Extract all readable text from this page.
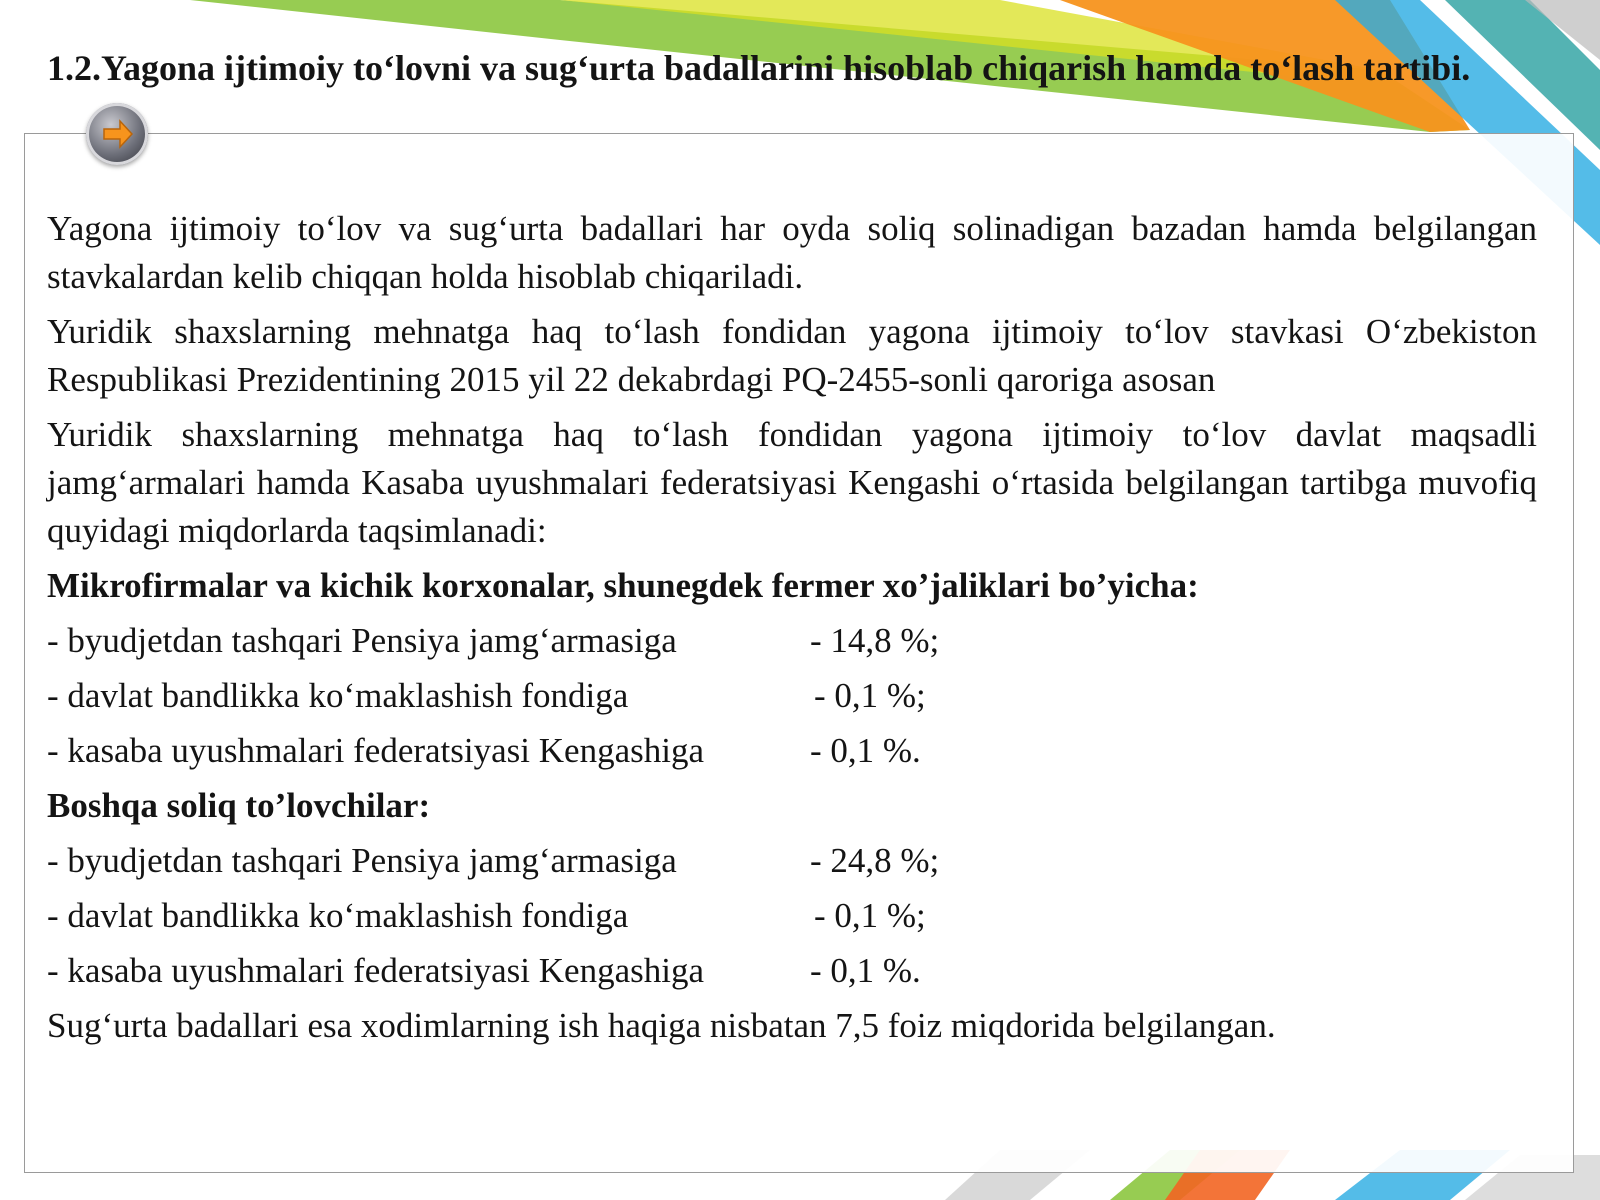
1.2.Yagona ijtimoiy to‘lovni va sug‘urta badallarini hisoblab chiqarish hamda to‘lash tartibi.

Yagona ijtimoiy to‘lov va sug‘urta badallari har oyda soliq solinadigan bazadan hamda belgilangan stavkalardan kelib chiqqan holda hisoblab chiqariladi.

Yuridik shaxslarning mehnatga haq to‘lash fondidan yagona ijtimoiy to‘lov stavkasi O‘zbekiston Respublikasi Prezidentining 2015 yil 22 dekabrdagi PQ-2455-sonli qaroriga asosan

Yuridik shaxslarning mehnatga haq to‘lash fondidan yagona ijtimoiy to‘lov davlat maqsadli jamg‘armalari hamda Kasaba uyushmalari federatsiyasi Kengashi o‘rtasida belgilangan tartibga muvofiq quyidagi miqdorlarda taqsimlanadi:

Mikrofirmalar va kichik korxonalar, shunegdek fermer xo’jaliklari bo’yicha:

- byudjetdan tashqari Pensiya jamg‘armasiga	- 14,8 %;
- davlat bandlikka ko‘maklashish fondiga	- 0,1 %;
- kasaba uyushmalari federatsiyasi Kengashiga	- 0,1 %.

Boshqa soliq to’lovchilar:

- byudjetdan tashqari Pensiya jamg‘armasiga	- 24,8 %;
- davlat bandlikka ko‘maklashish fondiga	- 0,1 %;
- kasaba uyushmalari federatsiyasi Kengashiga	- 0,1 %.

Sug‘urta badallari esa xodimlarning ish haqiga nisbatan 7,5 foiz miqdorida belgilangan.
